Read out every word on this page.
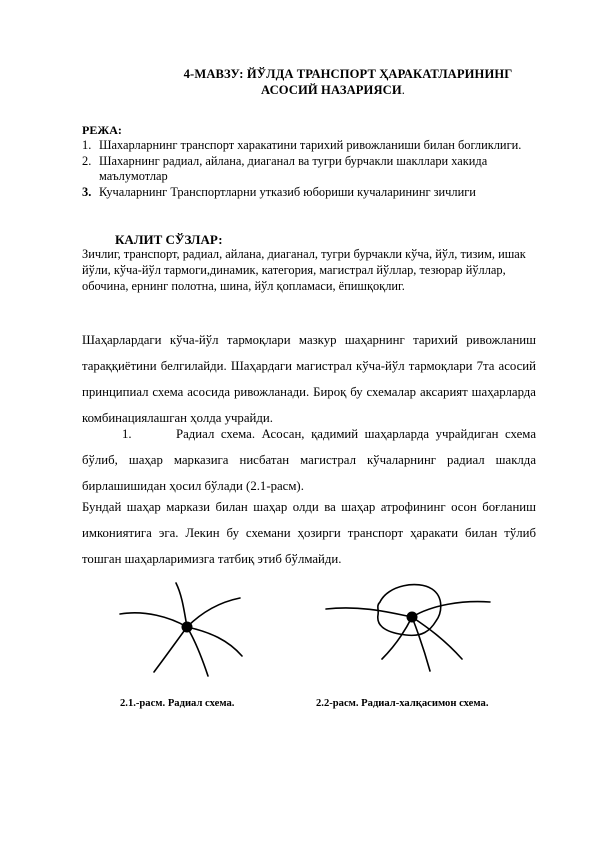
4-МАВЗУ: ЙЎЛДА ТРАНСПОРТ ҲАРАКАТЛАРИНИНГ
АСОСИЙ НАЗАРИЯСИ.
РЕЖА:
1. Шахарларнинг транспорт харакатини тарихий ривожланиши билан богликлиги.
2. Шахарнинг радиал, айлана, диаганал ва тугри бурчакли шакллари хакида маълумотлар
3. Кучаларнинг Транспортларни утказиб юбориши кучаларининг зичлиги
КАЛИТ СЎЗЛАР:
Зичлиг, транспорт, радиал, айлана, диаганал, тугри бурчакли кўча, йўл, тизим, ишак йўли, кўча-йўл тармоги,динамик, категория, магистрал йўллар, тезюрар йўллар, обочина, ернинг полотна, шина, йўл қопламаси, ёпишқоқлиг.
Шаҳарлардаги кўча-йўл тармоқлари мазкур шаҳарнинг тарихий ривожланиш тараққиётини белгилайди. Шаҳардаги магистрал кўча-йўл тармоқлари 7та асосий принципиал схема асосида ривожланади. Бироқ бу схемалар аксарият шаҳарларда комбинациялашган ҳолда учрайди.
1.	Радиал схема. Асосан, қадимий шаҳарларда учрайдиган схема
бўлиб, шаҳар марказига нисбатан магистрал кўчаларнинг радиал шаклда
бирлашишидан ҳосил бўлади (2.1-расм).
Бундай шаҳар маркази билан шаҳар олди ва шаҳар атрофининг осон боғланиш
имкониятига эга. Лекин бу схемани ҳозирги транспорт ҳаракати билан тўлиб
тошган шаҳарларимизга татбиқ этиб бўлмайди.
2.1.-расм. Радиал схема.	2.2-расм. Радиал-халқасимон схема.
